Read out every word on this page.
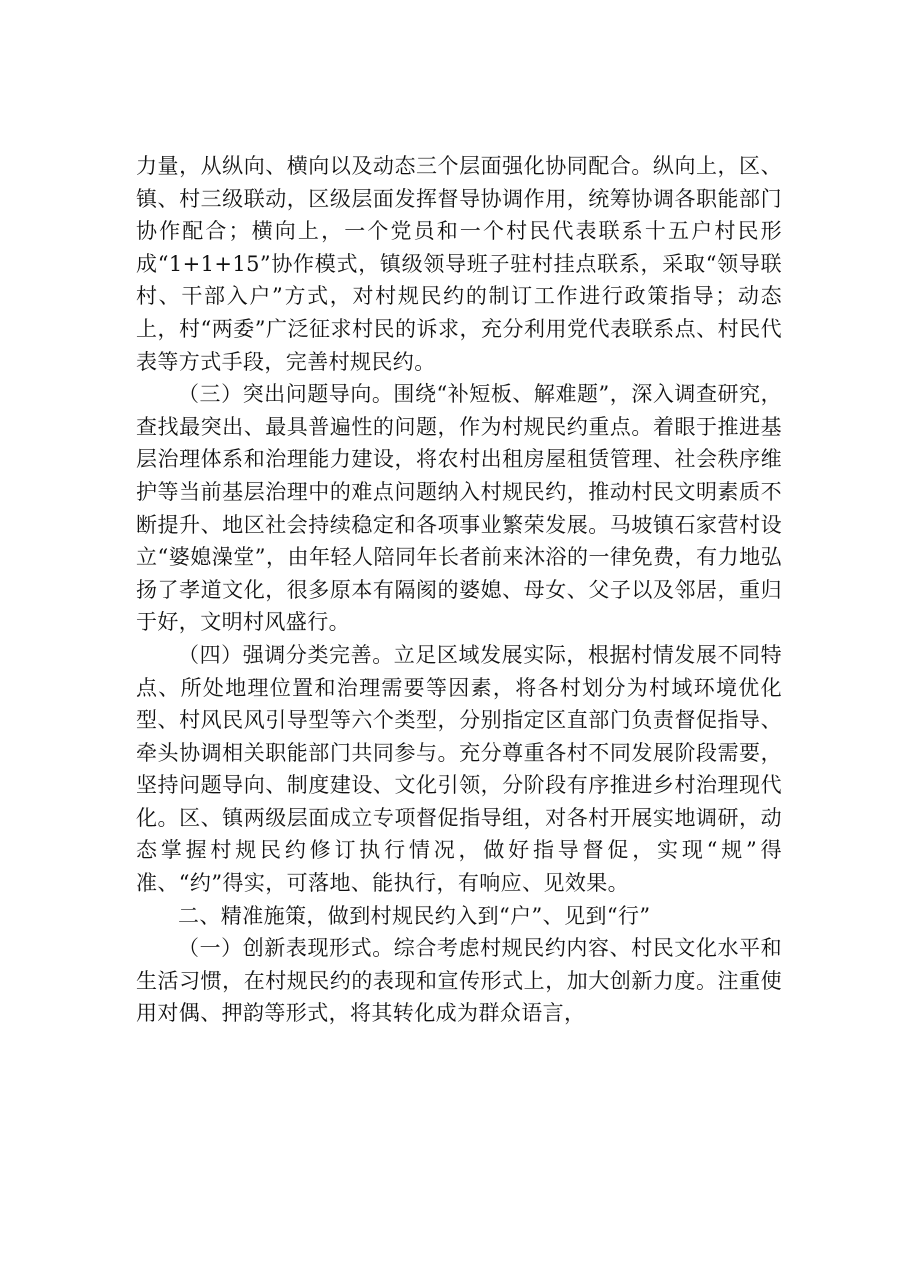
力量，从纵向、横向以及动态三个层面强化协同配合。纵向上，区、镇、村三级联动，区级层面发挥督导协调作用，统筹协调各职能部门协作配合；横向上，一个党员和一个村民代表联系十五户村民形成“1+1+15”协作模式，镇级领导班子驻村挂点联系，采取“领导联村、干部入户”方式，对村规民约的制订工作进行政策指导；动态上，村“两委”广泛征求村民的诉求，充分利用党代表联系点、村民代表等方式手段，完善村规民约。

（三）突出问题导向。围绕“补短板、解难题”，深入调查研究，查找最突出、最具普遍性的问题，作为村规民约重点。着眼于推进基层治理体系和治理能力建设，将农村出租房屋租赁管理、社会秩序维护等当前基层治理中的难点问题纳入村规民约，推动村民文明素质不断提升、地区社会持续稳定和各项事业繁荣发展。马坡镇石家营村设立“婆媳澡堂”，由年轻人陪同年长者前来沐浴的一律免费，有力地弘扬了孝道文化，很多原本有隔阂的婆媳、母女、父子以及邻居，重归于好，文明村风盛行。

（四）强调分类完善。立足区域发展实际，根据村情发展不同特点、所处地理位置和治理需要等因素，将各村划分为村域环境优化型、村风民风引导型等六个类型，分别指定区直部门负责督促指导、牵头协调相关职能部门共同参与。充分尊重各村不同发展阶段需要，坚持问题导向、制度建设、文化引领，分阶段有序推进乡村治理现代化。区、镇两级层面成立专项督促指导组，对各村开展实地调研，动态掌握村规民约修订执行情况，做好指导督促，实现“规”得准、“约”得实，可落地、能执行，有响应、见效果。

二、精准施策，做到村规民约入到“户”、见到“行”

（一）创新表现形式。综合考虑村规民约内容、村民文化水平和生活习惯，在村规民约的表现和宣传形式上，加大创新力度。注重使用对偶、押韵等形式，将其转化成为群众语言，
